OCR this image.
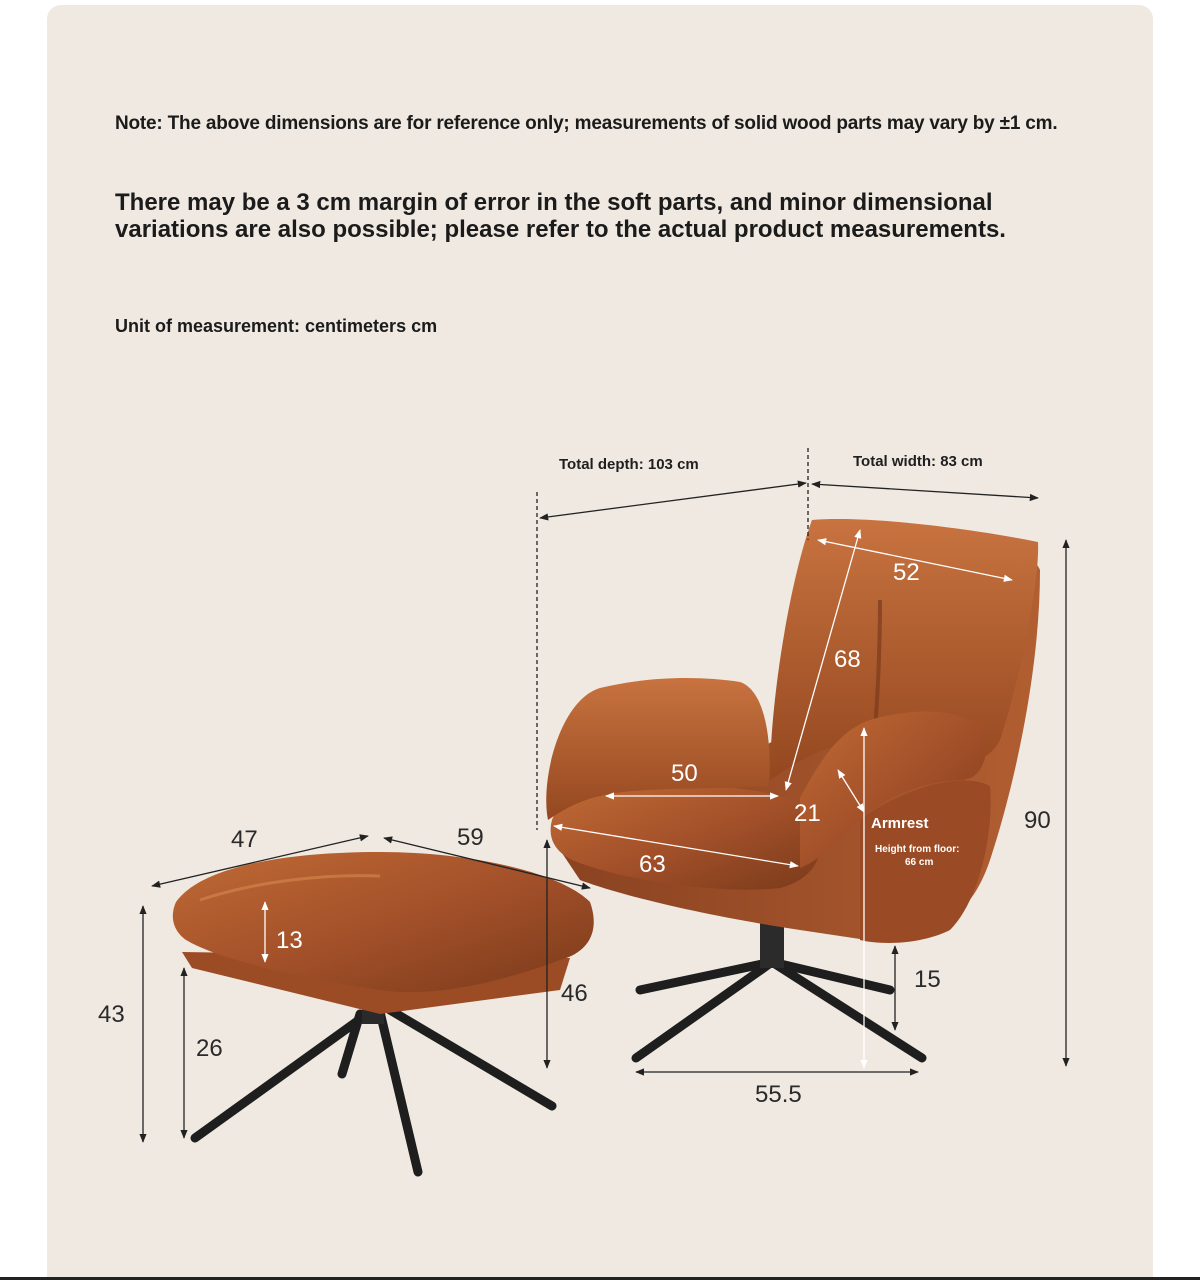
Note: The above dimensions are for reference only; measurements of solid wood parts may vary by ±1 cm.

There may be a 3 cm margin of error in the soft parts, and minor dimensional
variations are also possible; please refer to the actual product measurements.

Unit of measurement: centimeters cm

Total depth: 103 cm	Total width: 83 cm
52
68
50
21
63
Armrest
Height from floor:
66 cm
90
46
15
55.5
47	59
13
43
26
